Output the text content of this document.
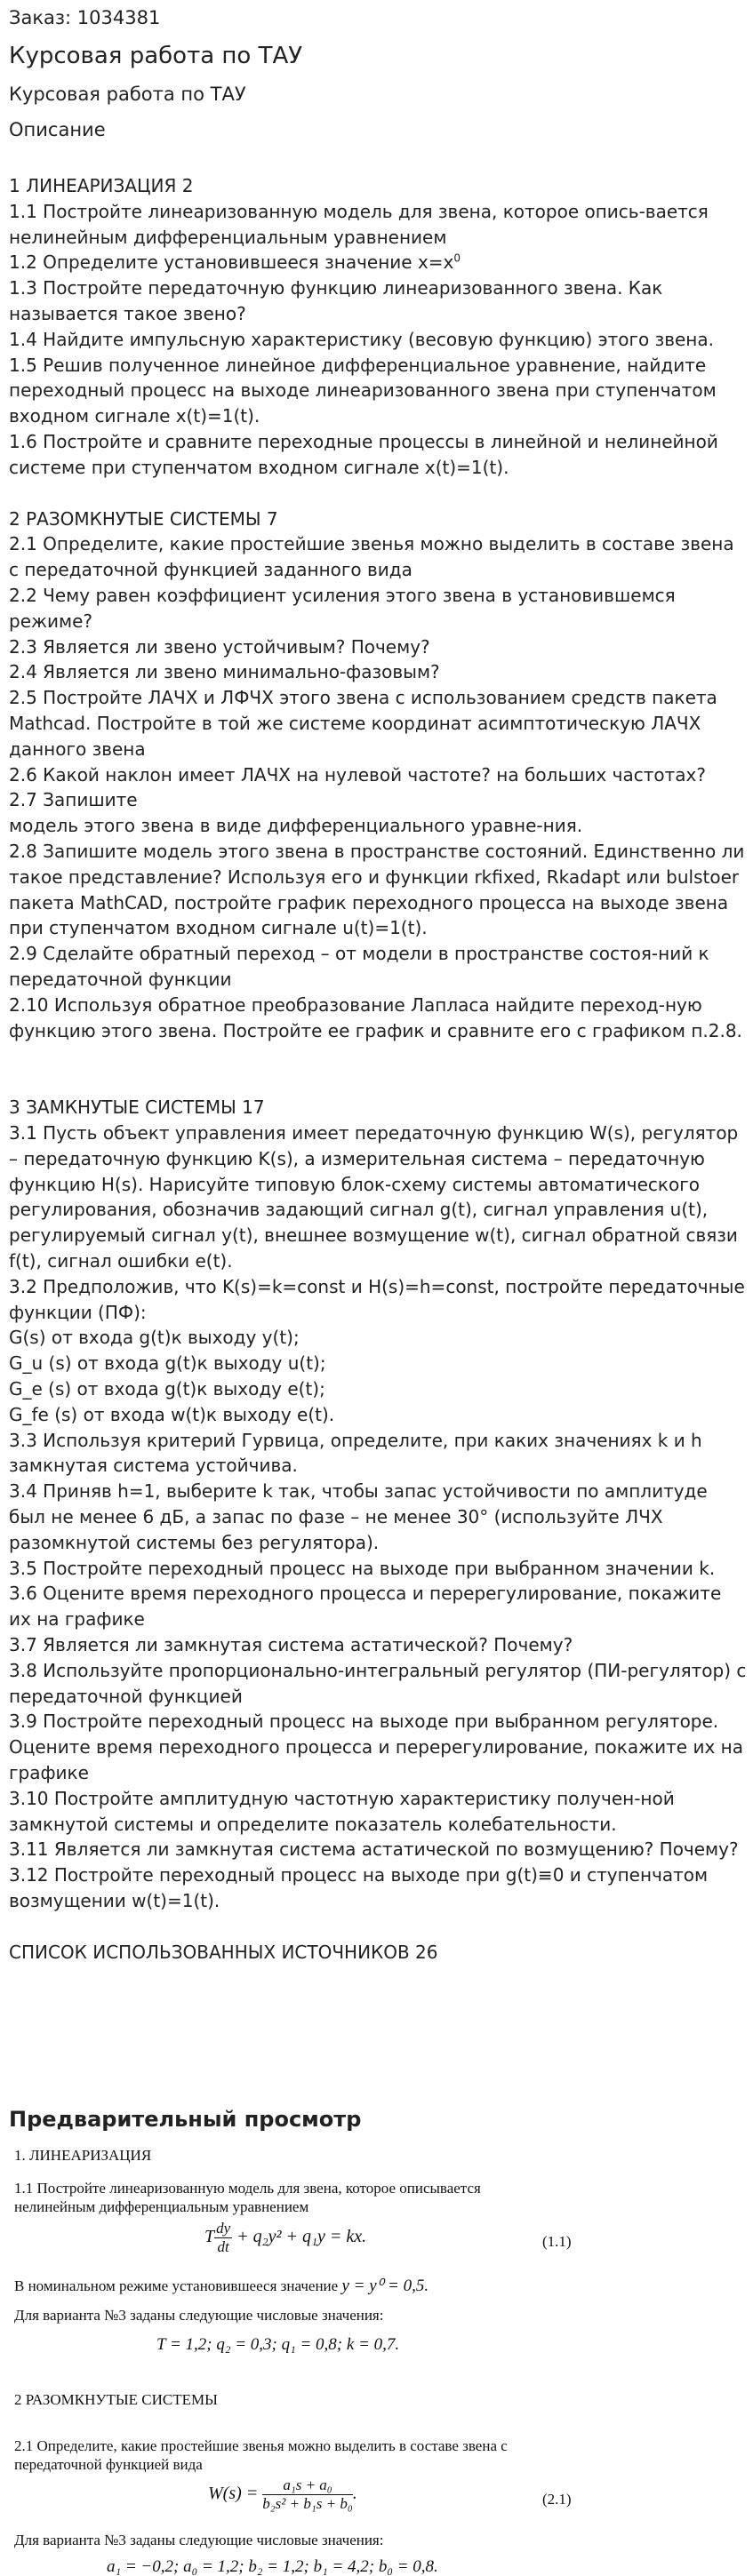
Заказ: 1034381
Курсовая работа по ТАУ
Курсовая работа по ТАУ
Описание

1 ЛИНЕАРИЗАЦИЯ 2

1.1 Постройте линеаризованную модель для звена, которое опись-вается нелинейным дифференциальным уравнением

1.2 Определите установившееся значение $x=x^0$

1.3 Постройте передаточную функцию линеаризованного звена. Как называется такое звено?

1.4 Найдите импульсную характеристику (весовую функцию) этого звена.

1.5 Решив полученное линейное дифференциальное уравнение, найдите переходный процесс на выходе линеаризованного звена при ступенчатом входном сигнале x(t)=1(t).

1.6 Постройте и сравните переходные процессы в линейной и нелинейной системе при ступенчатом входном сигнале x(t)=1(t).

2 РАЗОМКНУТЫЕ СИСТЕМЫ 7

2.1 Определите, какие простейшие звенья можно выделить в составе звена с передаточной функцией заданного вида

2.2 Чему равен коэффициент усиления этого звена в установившемся режиме?

2.3 Является ли звено устойчивым? Почему?

2.4 Является ли звено минимально-фазовым?

2.5 Постройте ЛАЧХ и ЛФЧХ этого звена с использованием средств пакета Mathcad. Постройте в той же системе координат асимптотическую ЛАЧХ данного звена

2.6 Какой наклон имеет ЛАЧХ на нулевой частоте? на больших частотах?

2.7 Запишите

модель этого звена в виде дифференциального уравне-ния.

2.8 Запишите модель этого звена в пространстве состояний. Единственно ли такое представление? Используя его и функции rkfixed, Rkadapt или bulstoer пакета MathCAD, постройте график переходного процесса на выходе звена при ступенчатом входном сигнале u(t)=1(t).

2.9 Сделайте обратный переход – от модели в пространстве состоя-ний к передаточной функции

2.10 Используя обратное преобразование Лапласа найдите переход-ную функцию этого звена. Постройте ее график и сравните его с графиком п.2.8.

3 ЗАМКНУТЫЕ СИСТЕМЫ 17

3.1 Пусть объект управления имеет передаточную функцию W(s), регулятор – передаточную функцию K(s), а измерительная система – передаточную функцию H(s). Нарисуйте типовую блок-схему системы автоматического регулирования, обозначив задающий сигнал g(t), сигнал управления u(t), регулируемый сигнал y(t), внешнее возмущение w(t), сигнал обратной связи f(t), сигнал ошибки e(t).

3.2 Предположив, что K(s)=k=const и H(s)=h=const, постройте передаточные функции (ПФ):

G(s) от входа g(t)к выходу y(t);

G_u (s) от входа g(t)к выходу u(t);

G_e (s) от входа g(t)к выходу e(t);

G_fe (s) от входа w(t)к выходу e(t).

3.3 Используя критерий Гурвица, определите, при каких значениях k и h замкнутая система устойчива.

3.4 Приняв h=1, выберите k так, чтобы запас устойчивости по амплитуде был не менее 6 дБ, а запас по фазе – не менее 30° (используйте ЛЧХ разомкнутой системы без регулятора).

3.5 Постройте переходный процесс на выходе при выбранном значении k.

3.6 Оцените время переходного процесса и перерегулирование, покажите их на графике

3.7 Является ли замкнутая система астатической? Почему?

3.8 Используйте пропорционально-интегральный регулятор (ПИ-регулятор) с передаточной функцией

3.9 Постройте переходный процесс на выходе при выбранном регуляторе. Оцените время переходного процесса и перерегулирование, покажите их на графике

3.10 Постройте амплитудную частотную характеристику получен-ной замкнутой системы и определите показатель колебательности.

3.11 Является ли замкнутая система астатической по возмущению? Почему?

3.12 Постройте переходный процесс на выходе при g(t)≡0 и ступенчатом возмущении w(t)=1(t).

СПИСОК ИСПОЛЬЗОВАННЫХ ИСТОЧНИКОВ 26

Предварительный просмотр
1. ЛИНЕАРИЗАЦИЯ
1.1 Постройте линеаризованную модель для звена, которое описывается нелинейным дифференциальным уравнением
T $\frac{dy}{dt} + q_2y^2 + q_1y$ = kx.	(1.1)
В номинальном режиме установившееся значение y = y⁰ = 0,5.
Для варианта №3 заданы следующие числовые значения:
T = 1,2; q₂ = 0,3; q₁ = 0,8; k = 0,7.
2 РАЗОМКНУТЫЕ СИСТЕМЫ
2.1 Определите, какие простейшие звенья можно выделить в составе звена с передаточной функцией вида
$W(s) = \frac{\text{a₁s + a₀}}{\text{b₂s² + b₁s + b₀}}$ .	(2.1)
Для варианта №3 заданы следующие числовые значения:
a₁ = −0,2; a₀ = 1,2; b₂ = 1,2; b₁ = 4,2; b₀ = 0,8.
